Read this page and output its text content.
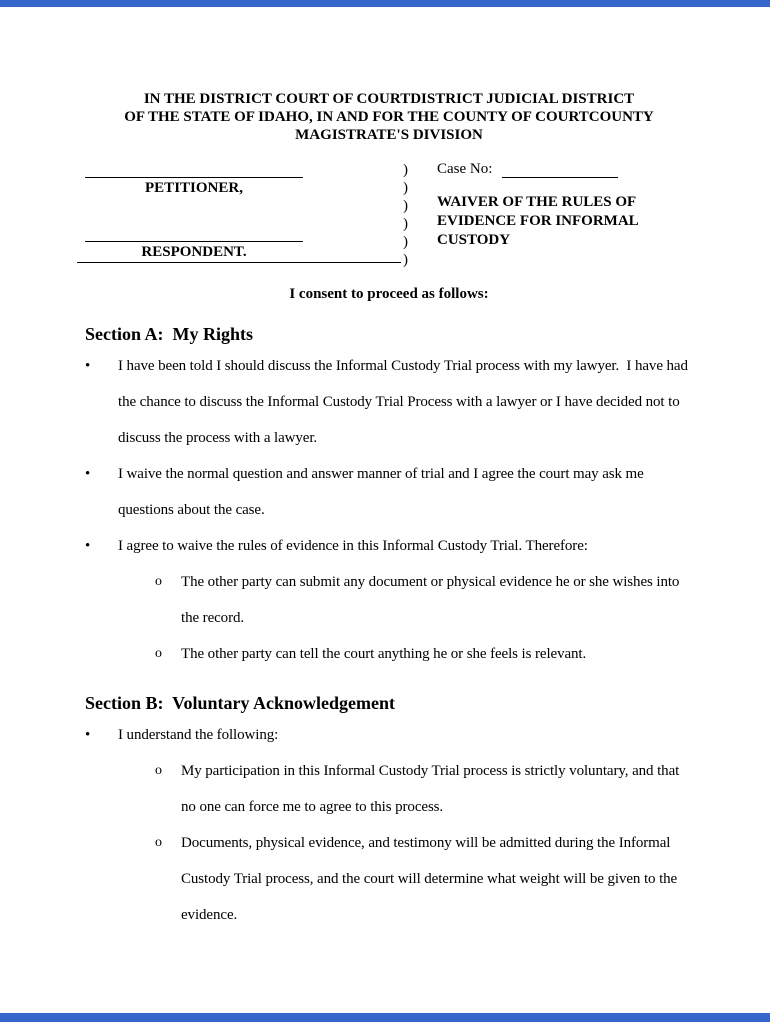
IN THE DISTRICT COURT OF COURTDISTRICT JUDICIAL DISTRICT
OF THE STATE OF IDAHO, IN AND FOR THE COUNTY OF COURTCOUNTY
MAGISTRATE'S DIVISION
PETITIONER,
RESPONDENT.
)
)
)
)
)
)
Case No:
WAIVER OF THE RULES OF
EVIDENCE FOR INFORMAL
CUSTODY
I consent to proceed as follows:
Section A:  My Rights
•	I have been told I should discuss the Informal Custody Trial process with my lawyer.  I have had the chance to discuss the Informal Custody Trial Process with a lawyer or I have decided not to discuss the process with a lawyer.
•	I waive the normal question and answer manner of trial and I agree the court may ask me questions about the case.
•	I agree to waive the rules of evidence in this Informal Custody Trial. Therefore:
o	The other party can submit any document or physical evidence he or she wishes into the record.
o	The other party can tell the court anything he or she feels is relevant.
Section B:  Voluntary Acknowledgement
•	I understand the following:
o	My participation in this Informal Custody Trial process is strictly voluntary, and that no one can force me to agree to this process.
o	Documents, physical evidence, and testimony will be admitted during the Informal Custody Trial process, and the court will determine what weight will be given to the evidence.
